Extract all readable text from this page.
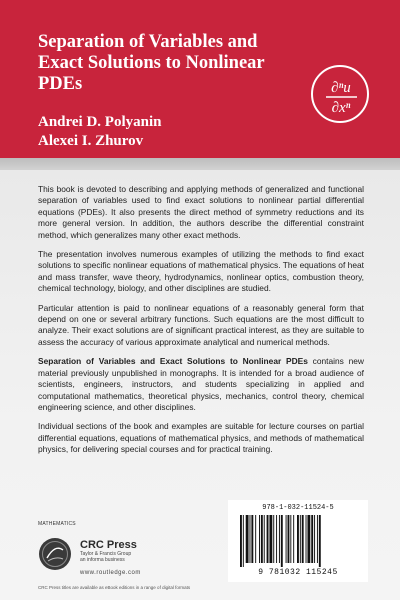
Separation of Variables and Exact Solutions to Nonlinear PDEs
Andrei D. Polyanin
Alexei I. Zhurov
∂ⁿu
∂xⁿ

This book is devoted to describing and applying methods of generalized and functional separation of variables used to find exact solutions to nonlinear partial differential equations (PDEs). It also presents the direct method of symmetry reductions and its more general version. In addition, the authors describe the differential constraint method, which generalizes many other exact methods.

The presentation involves numerous examples of utilizing the methods to find exact solutions to specific nonlinear equations of mathematical physics. The equations of heat and mass transfer, wave theory, hydrodynamics, nonlinear optics, combustion theory, chemical technology, biology, and other disciplines are studied.

Particular attention is paid to nonlinear equations of a reasonably general form that depend on one or several arbitrary functions. Such equations are the most difficult to analyze. Their exact solutions are of significant practical interest, as they are suitable to assess the accuracy of various approximate analytical and numerical methods.

Separation of Variables and Exact Solutions to Nonlinear PDEs contains new material previously unpublished in monographs. It is intended for a broad audience of scientists, engineers, instructors, and students specializing in applied and computational mathematics, theoretical physics, mechanics, control theory, chemical engineering science, and other disciplines.

Individual sections of the book and examples are suitable for lecture courses on partial differential equations, equations of mathematical physics, and methods of mathematical physics, for delivering special courses and for practical training.

MATHEMATICS
CRC Press
Taylor & Francis Group
an informa business
www.routledge.com
CRC Press titles are available as eBook editions in a range of digital formats
978-1-032-11524-5
9 781032 115245
